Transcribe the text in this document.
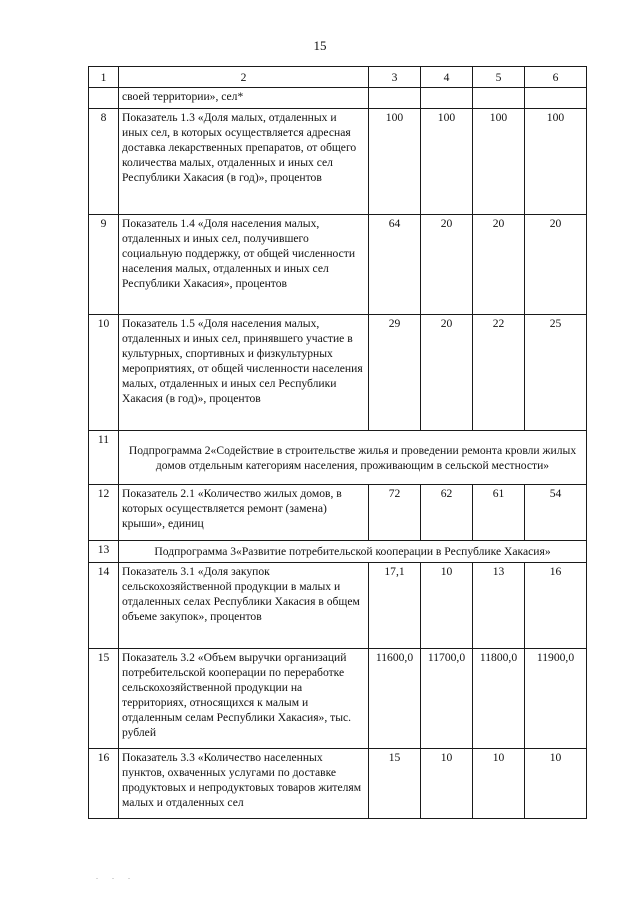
15
1	2	3	4	5	6
	своей территории», сел*				
8	Показатель 1.3 «Доля малых, отдаленных и иных сел, в которых осуществляется адресная доставка лекарственных препаратов, от общего количества малых, отдаленных и иных сел Республики Хакасия (в год)», процентов	100	100	100	100
9	Показатель 1.4 «Доля населения малых, отдаленных и иных сел, получившего социальную поддержку, от общей численности населения малых, отдаленных и иных сел Республики Хакасия», процентов	64	20	20	20
10	Показатель 1.5 «Доля населения малых, отдаленных и иных сел, принявшего участие в культурных, спортивных и физкультурных мероприятиях, от общей численности населения малых, отдаленных и иных сел Республики Хакасия (в год)», процентов	29	20	22	25
11	Подпрограмма 2«Содействие в строительстве жилья и проведении ремонта кровли жилых домов отдельным категориям населения, проживающим в сельской местности»				
12	Показатель 2.1 «Количество жилых домов, в которых осуществляется ремонт (замена) крыши», единиц	72	62	61	54
13	Подпрограмма 3«Развитие потребительской кооперации в Республике Хакасия»				
14	Показатель 3.1 «Доля закупок сельскохозяйственной продукции в малых и отдаленных селах Республики Хакасия в общем объеме закупок», процентов	17,1	10	13	16
15	Показатель 3.2 «Объем выручки организаций потребительской кооперации по переработке сельскохозяйственной продукции на территориях, относящихся к малым и отдаленным селам Республики Хакасия», тыс. рублей	11600,0	11700,0	11800,0	11900,0
16	Показатель 3.3 «Количество населенных пунктов, охваченных услугами по доставке продуктовых и непродуктовых товаров жителям малых и отдаленных сел	15	10	10	10
. . .
